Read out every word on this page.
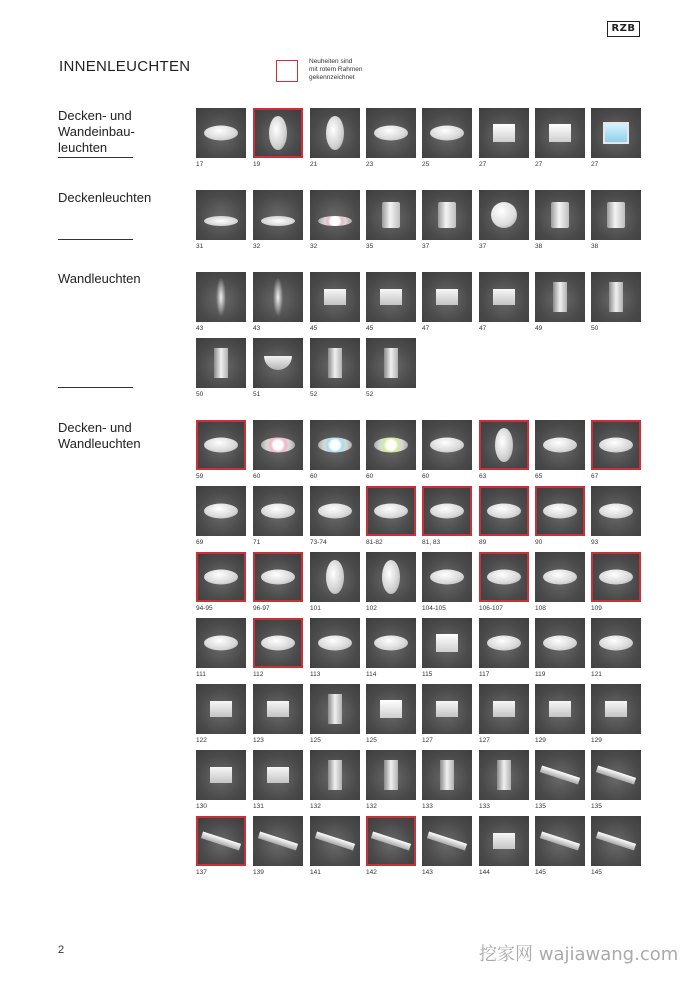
RZB
INNENLEUCHTEN	Neuheiten sind
mit rotem Rahmen
gekennzeichnet
Decken- und
Wandeinbau-
leuchten
Deckenleuchten
Wandleuchten
Decken- und
Wandleuchten
17	19	21	23	25	27	27	27
31	32	32	35	37	37	38	38
43	43	45	45	47	47	49	50
50	51	52	52
59	60	60	60	60	63	65	67
69	71	73-74	81-82	81, 83	89	90	93
94-95	96-97	101	102	104-105	106-107	108	109
111	112	113	114	115	117	119	121
122	123	125	125	127	127	129	129
130	131	132	132	133	133	135	135
137	139	141	142	143	144	145	145
2	挖家网 wajiawang.com
